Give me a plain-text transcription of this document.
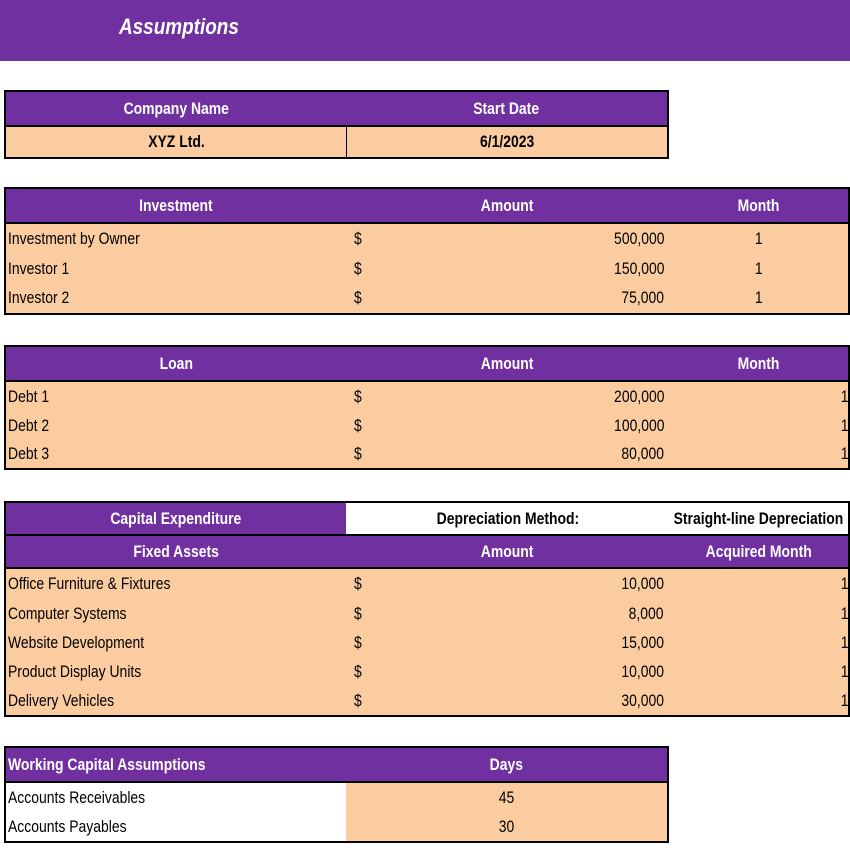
Assumptions
Company Name	Start Date
XYZ Ltd.	6/1/2023
Investment	Amount	Month
Investment by Owner	$	500,000	1
Investor 1	$	150,000	1
Investor 2	$	75,000	1
Loan	Amount	Month
Debt 1	$	200,000	1
Debt 2	$	100,000	1
Debt 3	$	80,000	1
Capital Expenditure	Depreciation Method:	Straight-line Depreciation
Fixed Assets	Amount	Acquired Month
Office Furniture & Fixtures	$	10,000	1
Computer Systems	$	8,000	1
Website Development	$	15,000	1
Product Display Units	$	10,000	1
Delivery Vehicles	$	30,000	1
Working Capital Assumptions	Days
Accounts Receivables	45
Accounts Payables	30
